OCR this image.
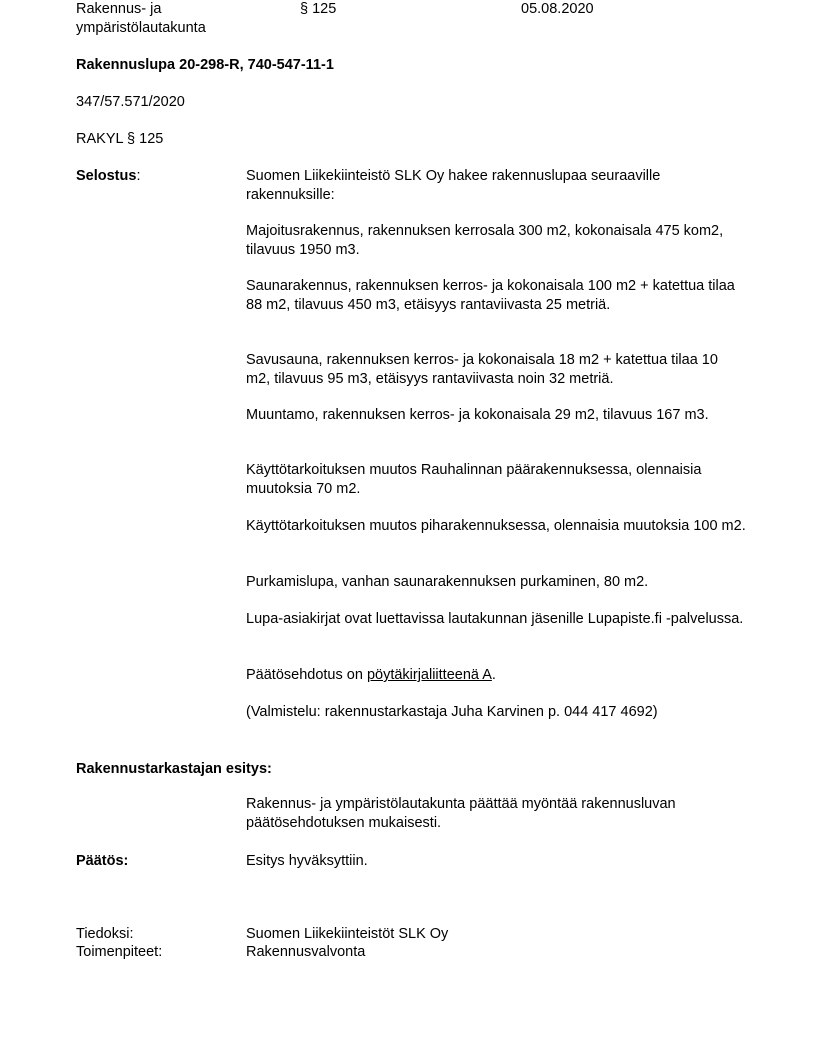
Rakennus- ja
ympäristölautakunta
§ 125	05.08.2020
Rakennuslupa 20-298-R, 740-547-11-1
347/57.571/2020
RAKYL § 125
Selostus:	Suomen Liikekiinteistö SLK Oy hakee rakennuslupaa seuraaville rakennuksille:
Majoitusrakennus, rakennuksen kerrosala 300 m2, kokonaisala 475 kom2, tilavuus 1950 m3.
Saunarakennus, rakennuksen kerros- ja kokonaisala 100 m2 + katettua tilaa 88 m2, tilavuus 450 m3, etäisyys rantaviivasta 25 metriä.
Savusauna, rakennuksen kerros- ja kokonaisala 18 m2 + katettua tilaa 10 m2, tilavuus 95 m3, etäisyys rantaviivasta noin 32 metriä.
Muuntamo, rakennuksen kerros- ja kokonaisala 29 m2, tilavuus 167 m3.
Käyttötarkoituksen muutos Rauhalinnan päärakennuksessa, olennaisia muutoksia 70 m2.
Käyttötarkoituksen muutos piharakennuksessa, olennaisia muutoksia 100 m2.
Purkamislupa, vanhan saunarakennuksen purkaminen, 80 m2.
Lupa-asiakirjat ovat luettavissa lautakunnan jäsenille Lupapiste.fi -palvelussa.
Päätösehdotus on pöytäkirjaliitteenä A.
(Valmistelu: rakennustarkastaja Juha Karvinen p. 044 417 4692)
Rakennustarkastajan esitys:
Rakennus- ja ympäristölautakunta päättää myöntää rakennusluvan päätösehdotuksen mukaisesti.
Päätös:	Esitys hyväksyttiin.
Tiedoksi:	Suomen Liikekiinteistöt SLK Oy
Toimenpiteet:	Rakennusvalvonta
